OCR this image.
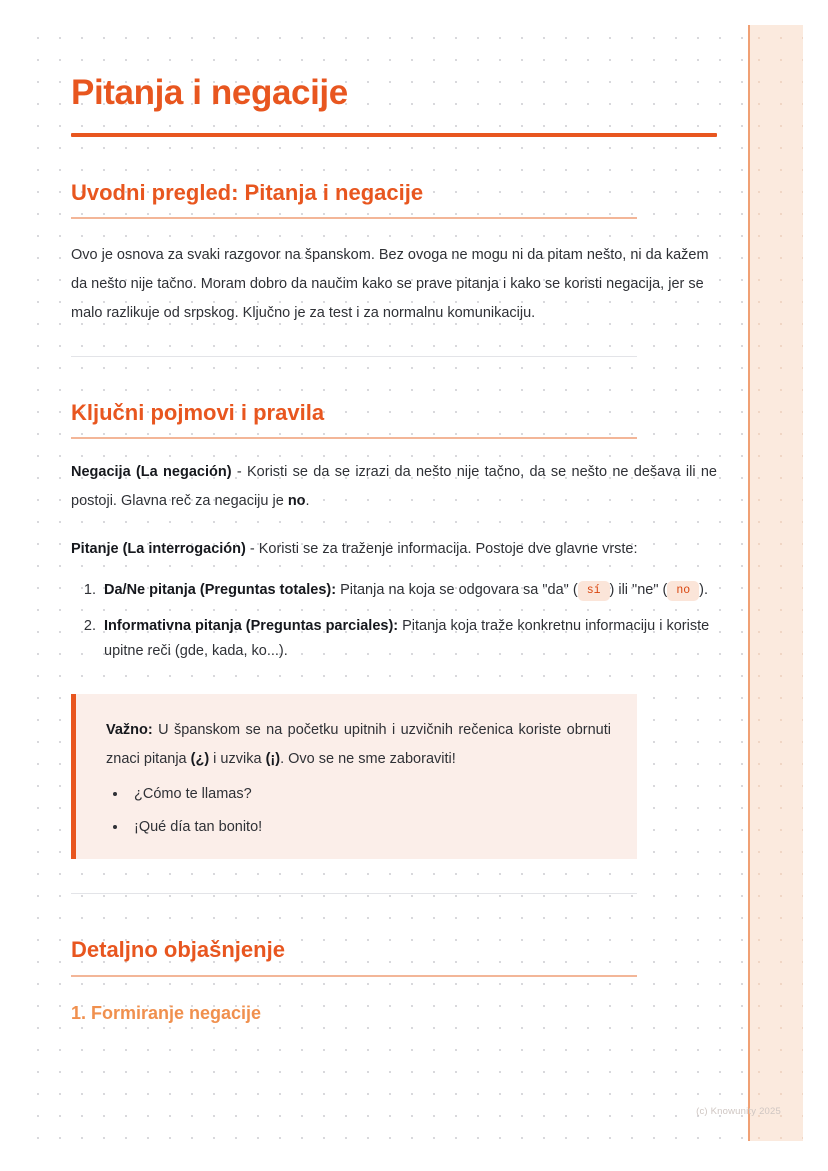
Pitanja i negacije
Uvodni pregled: Pitanja i negacije

Ovo je osnova za svaki razgovor na španskom. Bez ovoga ne mogu ni da pitam nešto, ni da kažem da nešto nije tačno. Moram dobro da naučim kako se prave pitanja i kako se koristi negacija, jer se malo razlikuje od srpskog. Ključno je za test i za normalnu komunikaciju.

Ključni pojmovi i pravila

Negacija (La negación) - Koristi se da se izrazi da nešto nije tačno, da se nešto ne dešava ili ne postoji. Glavna reč za negaciju je no.

Pitanje (La interrogación) - Koristi se za traženje informacija. Postoje dve glavne vrste:

1. Da/Ne pitanja (Preguntas totales): Pitanja na koja se odgovara sa "da" ( sí ) ili "ne" ( no ).
2. Informativna pitanja (Preguntas parciales): Pitanja koja traže konkretnu informaciju i koriste upitne reči (gde, kada, ko...).

Važno: U španskom se na početku upitnih i uzvičnih rečenica koriste obrnuti znaci pitanja (¿) i uzvika (¡). Ovo se ne sme zaboraviti!

• ¿Cómo te llamas?
• ¡Qué día tan bonito!
Detaljno objašnjenje
1. Formiranje negacije
(c) Knowunity 2025
